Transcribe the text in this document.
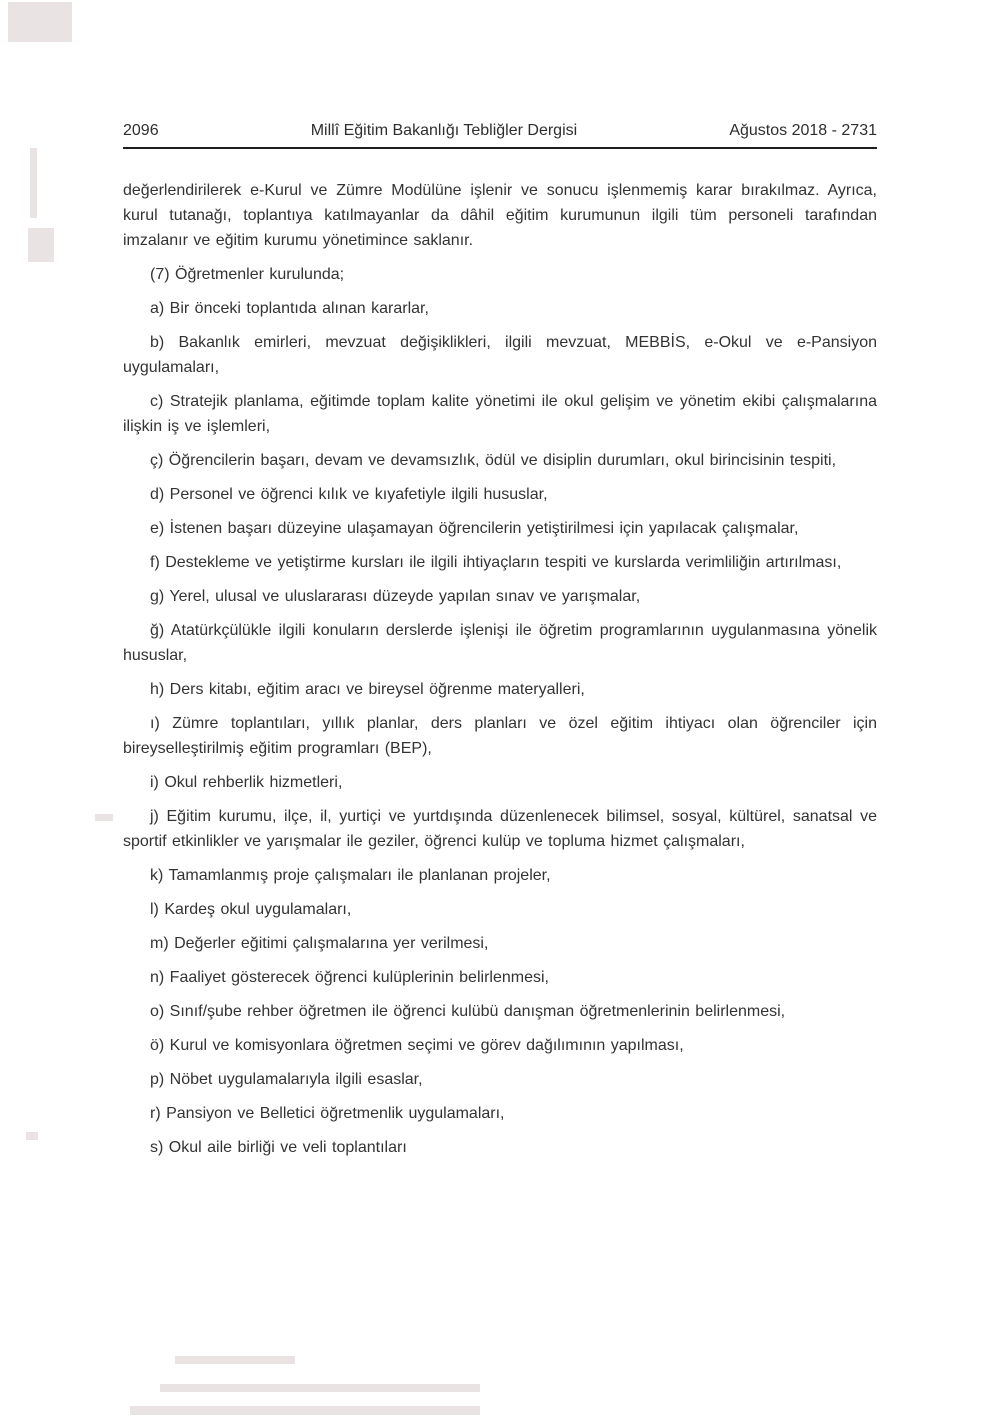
2096	Millî Eğitim Bakanlığı Tebliğler Dergisi	Ağustos 2018 - 2731

değerlendirilerek e-Kurul ve Zümre Modülüne işlenir ve sonucu işlenmemiş karar bırakılmaz. Ayrıca, kurul tutanağı, toplantıya katılmayanlar da dâhil eğitim kurumunun ilgili tüm personeli tarafından imzalanır ve eğitim kurumu yönetimince saklanır.

(7) Öğretmenler kurulunda;

a) Bir önceki toplantıda alınan kararlar,

b) Bakanlık emirleri, mevzuat değişiklikleri, ilgili mevzuat, MEBBİS, e-Okul ve e-Pansiyon uygulamaları,

c) Stratejik planlama, eğitimde toplam kalite yönetimi ile okul gelişim ve yönetim ekibi çalışmalarına ilişkin iş ve işlemleri,

ç) Öğrencilerin başarı, devam ve devamsızlık, ödül ve disiplin durumları, okul birincisinin tespiti,

d) Personel ve öğrenci kılık ve kıyafetiyle ilgili hususlar,

e) İstenen başarı düzeyine ulaşamayan öğrencilerin yetiştirilmesi için yapılacak çalışmalar,

f) Destekleme ve yetiştirme kursları ile ilgili ihtiyaçların tespiti ve kurslarda verimliliğin artırılması,

g) Yerel, ulusal ve uluslararası düzeyde yapılan sınav ve yarışmalar,

ğ) Atatürkçülükle ilgili konuların derslerde işlenişi ile öğretim programlarının uygulanmasına yönelik hususlar,

h) Ders kitabı, eğitim aracı ve bireysel öğrenme materyalleri,

ı) Zümre toplantıları, yıllık planlar, ders planları ve özel eğitim ihtiyacı olan öğrenciler için bireyselleştirilmiş eğitim programları (BEP),

i) Okul rehberlik hizmetleri,

j) Eğitim kurumu, ilçe, il, yurtiçi ve yurtdışında düzenlenecek bilimsel, sosyal, kültürel, sanatsal ve sportif etkinlikler ve yarışmalar ile geziler, öğrenci kulüp ve topluma hizmet çalışmaları,

k) Tamamlanmış proje çalışmaları ile planlanan projeler,

l) Kardeş okul uygulamaları,

m) Değerler eğitimi çalışmalarına yer verilmesi,

n) Faaliyet gösterecek öğrenci kulüplerinin belirlenmesi,

o) Sınıf/şube rehber öğretmen ile öğrenci kulübü danışman öğretmenlerinin belirlenmesi,

ö) Kurul ve komisyonlara öğretmen seçimi ve görev dağılımının yapılması,

p) Nöbet uygulamalarıyla ilgili esaslar,

r) Pansiyon ve Belletici öğretmenlik uygulamaları,

s) Okul aile birliği ve veli toplantıları
